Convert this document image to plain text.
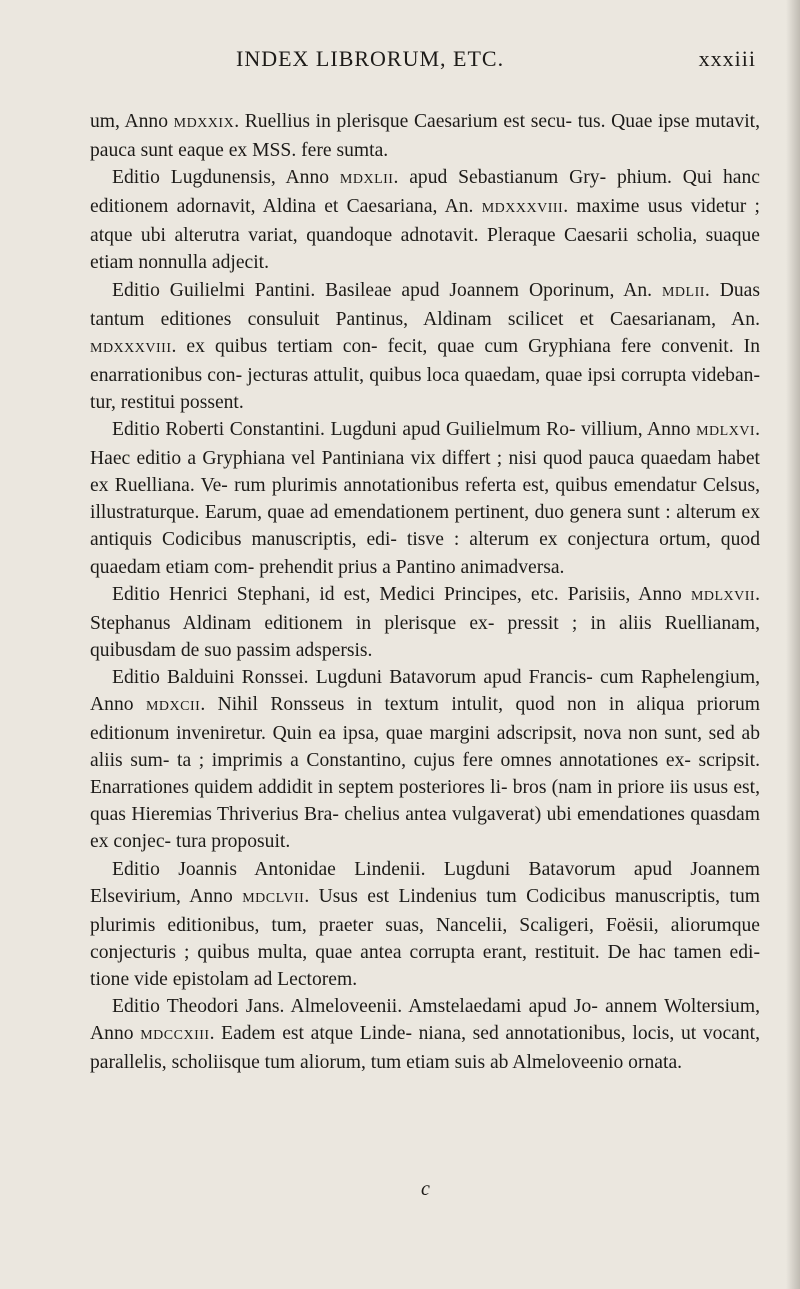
INDEX LIBRORUM, ETC.	xxxiii

um, Anno MDXXIX. Ruellius in plerisque Caesarium est secu- tus. Quae ipse mutavit, pauca sunt eaque ex MSS. fere sumta.

Editio Lugdunensis, Anno MDXLII. apud Sebastianum Gry- phium. Qui hanc editionem adornavit, Aldina et Caesariana, An. MDXXXVIII. maxime usus videtur ; atque ubi alterutra variat, quandoque adnotavit. Pleraque Caesarii scholia, suaque etiam nonnulla adjecit.

Editio Guilielmi Pantini. Basileae apud Joannem Oporinum, An. MDLII. Duas tantum editiones consuluit Pantinus, Aldinam scilicet et Caesarianam, An. MDXXXVIII. ex quibus tertiam con- fecit, quae cum Gryphiana fere convenit. In enarrationibus con- jecturas attulit, quibus loca quaedam, quae ipsi corrupta videban- tur, restitui possent.

Editio Roberti Constantini. Lugduni apud Guilielmum Ro- villium, Anno MDLXVI. Haec editio a Gryphiana vel Pantiniana vix differt ; nisi quod pauca quaedam habet ex Ruelliana. Ve- rum plurimis annotationibus referta est, quibus emendatur Celsus, illustraturque. Earum, quae ad emendationem pertinent, duo genera sunt : alterum ex antiquis Codicibus manuscriptis, edi- tisve : alterum ex conjectura ortum, quod quaedam etiam com- prehendit prius a Pantino animadversa.

Editio Henrici Stephani, id est, Medici Principes, etc. Parisiis, Anno MDLXVII. Stephanus Aldinam editionem in plerisque ex- pressit ; in aliis Ruellianam, quibusdam de suo passim adspersis.

Editio Balduini Ronssei. Lugduni Batavorum apud Francis- cum Raphelengium, Anno MDXCII. Nihil Ronsseus in textum intulit, quod non in aliqua priorum editionum inveniretur. Quin ea ipsa, quae margini adscripsit, nova non sunt, sed ab aliis sum- ta ; imprimis a Constantino, cujus fere omnes annotationes ex- scripsit. Enarrationes quidem addidit in septem posteriores li- bros (nam in priore iis usus est, quas Hieremias Thriverius Bra- chelius antea vulgaverat) ubi emendationes quasdam ex conjec- tura proposuit.

Editio Joannis Antonidae Lindenii. Lugduni Batavorum apud Joannem Elsevirium, Anno MDCLVII. Usus est Lindenius tum Codicibus manuscriptis, tum plurimis editionibus, tum, praeter suas, Nancelii, Scaligeri, Foësii, aliorumque conjecturis ; quibus multa, quae antea corrupta erant, restituit. De hac tamen edi- tione vide epistolam ad Lectorem.

Editio Theodori Jans. Almeloveenii. Amstelaedami apud Jo- annem Woltersium, Anno MDCCXIII. Eadem est atque Linde- niana, sed annotationibus, locis, ut vocant, parallelis, scholiisque tum aliorum, tum etiam suis ab Almeloveenio ornata.

c
